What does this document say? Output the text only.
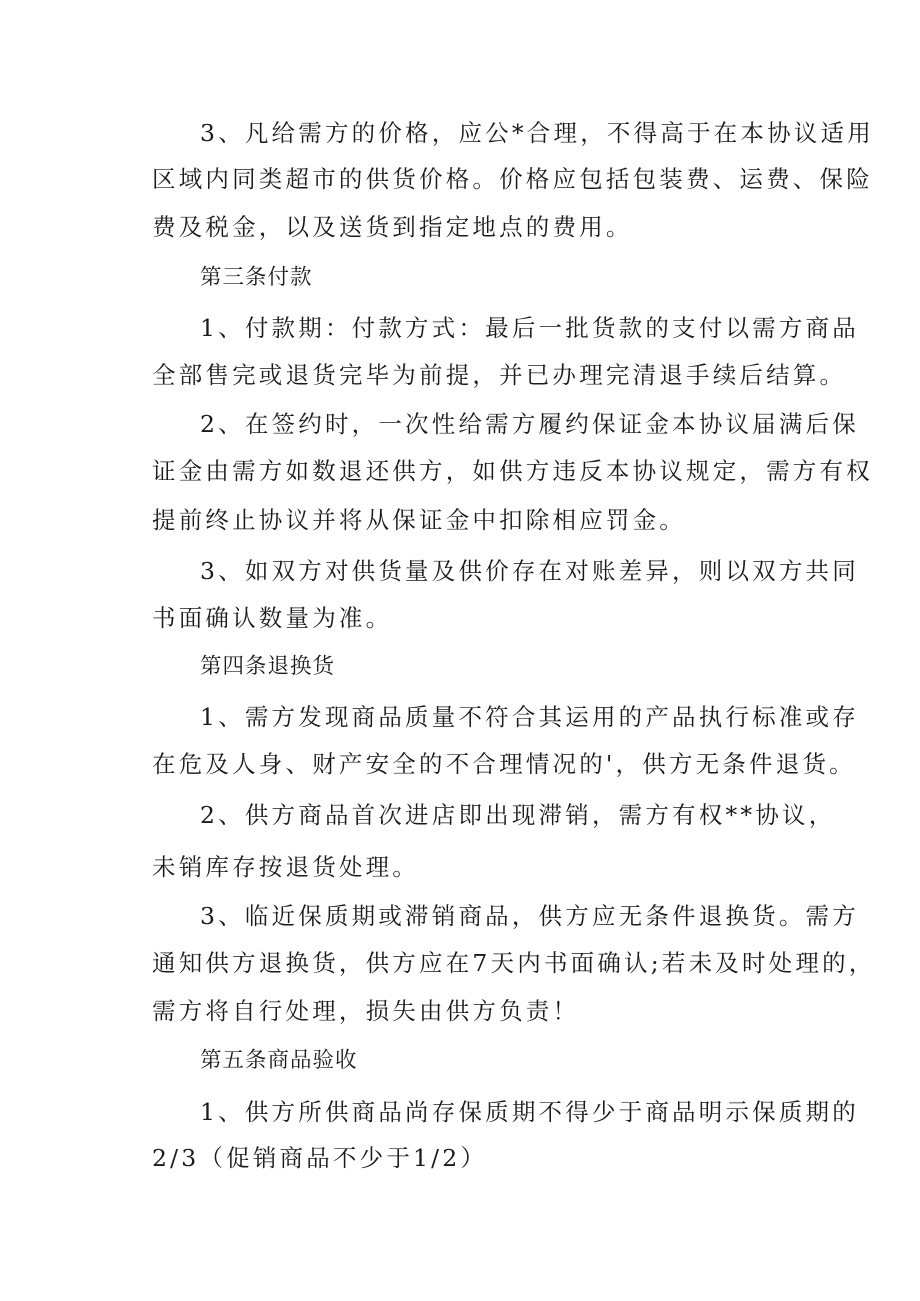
3、凡给需方的价格，应公*合理，不得高于在本协议适用
区域内同类超市的供货价格。价格应包括包装费、运费、保险
费及税金，以及送货到指定地点的费用。
第三条付款
1、付款期：付款方式：最后一批货款的支付以需方商品
全部售完或退货完毕为前提，并已办理完清退手续后结算。
2、在签约时，一次性给需方履约保证金本协议届满后保
证金由需方如数退还供方，如供方违反本协议规定，需方有权
提前终止协议并将从保证金中扣除相应罚金。
3、如双方对供货量及供价存在对账差异，则以双方共同
书面确认数量为准。
第四条退换货
1、需方发现商品质量不符合其运用的产品执行标准或存
在危及人身、财产安全的不合理情况的'，供方无条件退货。
2、供方商品首次进店即出现滞销，需方有权**协议，
未销库存按退货处理。
3、临近保质期或滞销商品，供方应无条件退换货。需方
通知供方退换货，供方应在7天内书面确认;若未及时处理的，
需方将自行处理，损失由供方负责！
第五条商品验收
1、供方所供商品尚存保质期不得少于商品明示保质期的
2/3（促销商品不少于1/2）
